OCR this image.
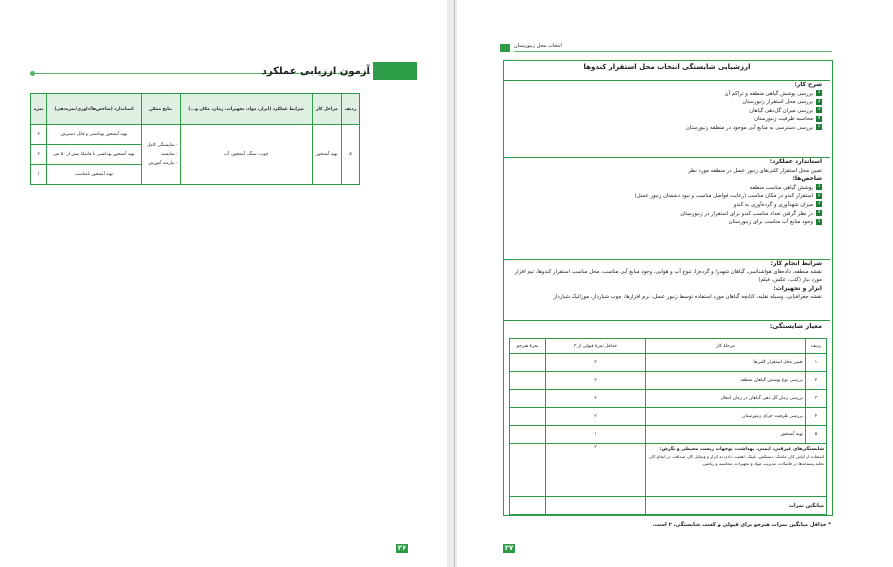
آزمون ارزیابی عملکرد
ردیف	مراحل کار	شرایط عملکرد (ابزار، مواد، تجهیزات، زمان، مکان و...)	نتایج ممکن	استاندارد (شاخص‌ها/داوری/نمره‌دهی)	نمره
۵	تهیه آبشخور	چوب، سنگ، آبشخور، آب	- شایستگی کامل
- شایسته
- نیازمند آموزش	تهیه آبشخور بهداشتی و قابل دسترس	۳
				تهیه آبشخور بهداشتی با فاصلهٔ بیش از ۵۰ متر	۲
				تهیه آبشخور نامناسب	۱
۲۶
انتخاب محل زنبورستان
ارزشیابی شایستگی انتخاب محل استقرار کندوها
شرح کار:
1بررسی پوشش گیاهی منطقه و تراکم آن
2بررسی محل استقرار زنبورستان
3بررسی میزان گل‌دهی گیاهان
4محاسبه ظرفیت زنبورستان
5بررسی دسترسی به منابع آبی موجود در منطقه زنبورستان
استاندارد عملکرد:
تعیین محل استقرار کلنی‌های زنبور عسل در منطقه مورد نظر
شاخص‌ها:
1پوشش گیاهی مناسب منطقه
2استقرار کندو در مکان مناسب (رعایت فواصل مناسب و نبود دشمنان زنبور عسل)
3میزان شهدآوری و گرده‌آوری به کندو
4در نظر گرفتن تعداد مناسب کندو برای استقرار در زنبورستان
5وجود منابع آب مناسب برای زنبورستان
شرایط انجام کار:
نقشه منطقه، داده‌های هواشناسی، گیاهان شهدزا و گرده‌زا، تنوع آب و هوایی، وجود منابع آبی مناسب، محل مناسب استقرار کندوها، تیم افزار مورد نیاز (کتب، عکس، فیلم)
ابزار و تجهیزات:
نقشه جغرافیایی، وسیله نقلیه، کتابچه گیاهان مورد استفاده توسط زنبور عسل، نرم افزارها، چوب شیاردار، موزائیک شیاردار
معیار شایستگی:
ردیف	مرحلهٔ کار	حداقل نمرهٔ قبولی از ۳	نمرهٔ هنرجو
۱	تعیین محل استقرار کلنی‌ها	۲	
۲	بررسی نوع پوشش گیاهان منطقه	۲	
۳	بررسی زمان گل دهی گیاهان در زمان انتقال	۲	
۴	بررسی ظرفیت چرای زنبورستان	۲	
۵	تهیه آبشخور	۱	
شایستگی‌های غیرفنی، ایمنی، بهداشت، توجهات زیست محیطی و نگرش:
استفاده از لباس کار، ماسک، دستکش، عینک، اهمیت دادن به ابزار و وسایل کار، صداقت در انجام کار، تخلیه پسماندها در فاصلات، مدیریت مواد و تجهیزات، محاسبه و ریاضی.		۲	
میانگین نمرات			
* حداقل میانگین نمرات هنرجو برای قبولی و کسب شایستگی، ۲ است.
۲۷
